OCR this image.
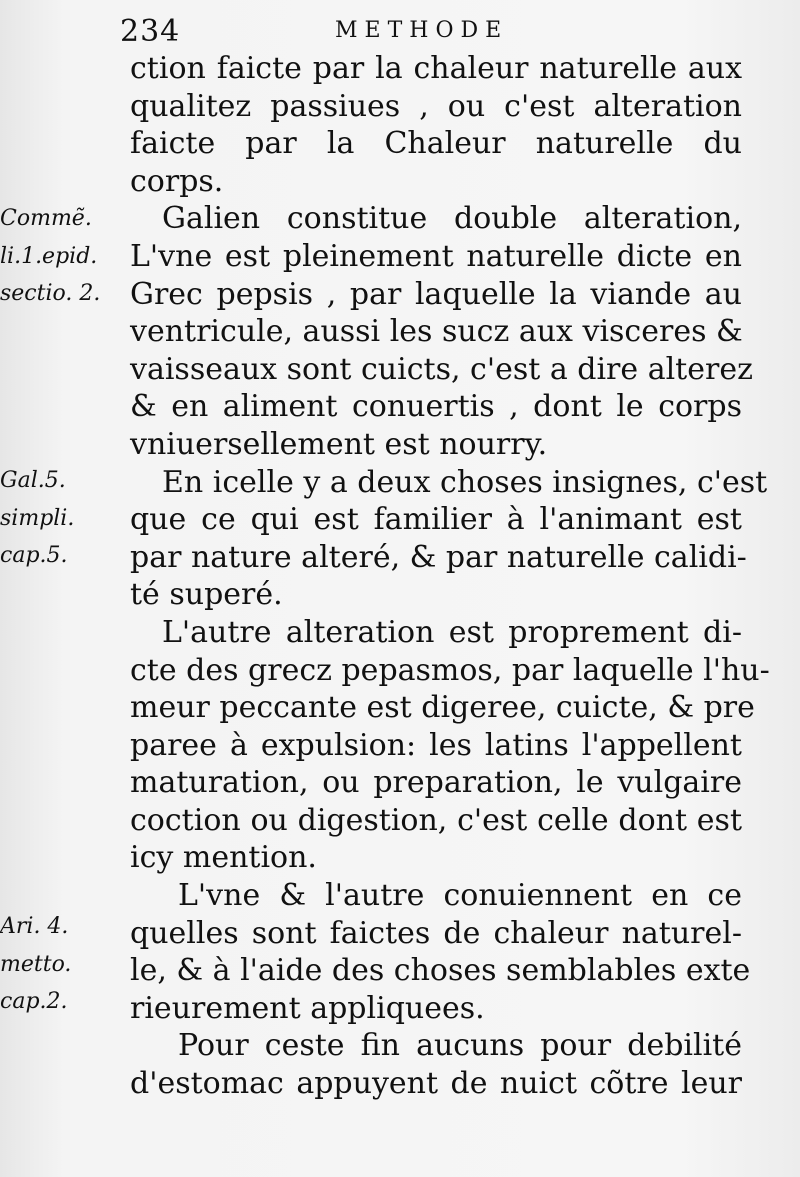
234	METHODE
Commẽ.
li.1.epid.
sectio. 2.
Gal.5.
simpli.
cap.5.
Ari. 4.
metto.
cap.2.
ction faicte par la chaleur naturelle aux
qualitez passiues , ou c'est alteration
faicte par la Chaleur naturelle du
corps.
Galien constitue double alteration,
L'vne est pleinement naturelle dicte en
Grec pepsis , par laquelle la viande au
ventricule, aussi les sucz aux visceres &
vaisseaux sont cuicts, c'est a dire alterez
& en aliment conuertis , dont le corps
vniuersellement est nourry.
En icelle y a deux choses insignes, c'est
que ce qui est familier à l'animant est
par nature alteré, & par naturelle calidi-
té superé.
L'autre alteration est proprement di-
cte des grecz pepasmos, par laquelle l'hu-
meur peccante est digeree, cuicte, & pre
paree à expulsion: les latins l'appellent
maturation, ou preparation, le vulgaire
coction ou digestion, c'est celle dont est
icy mention.
L'vne & l'autre conuiennent en ce
quelles sont faictes de chaleur naturel-
le, & à l'aide des choses semblables exte
rieurement appliquees.
Pour ceste fin aucuns pour debilité
d'estomac appuyent de nuict cõtre leur
